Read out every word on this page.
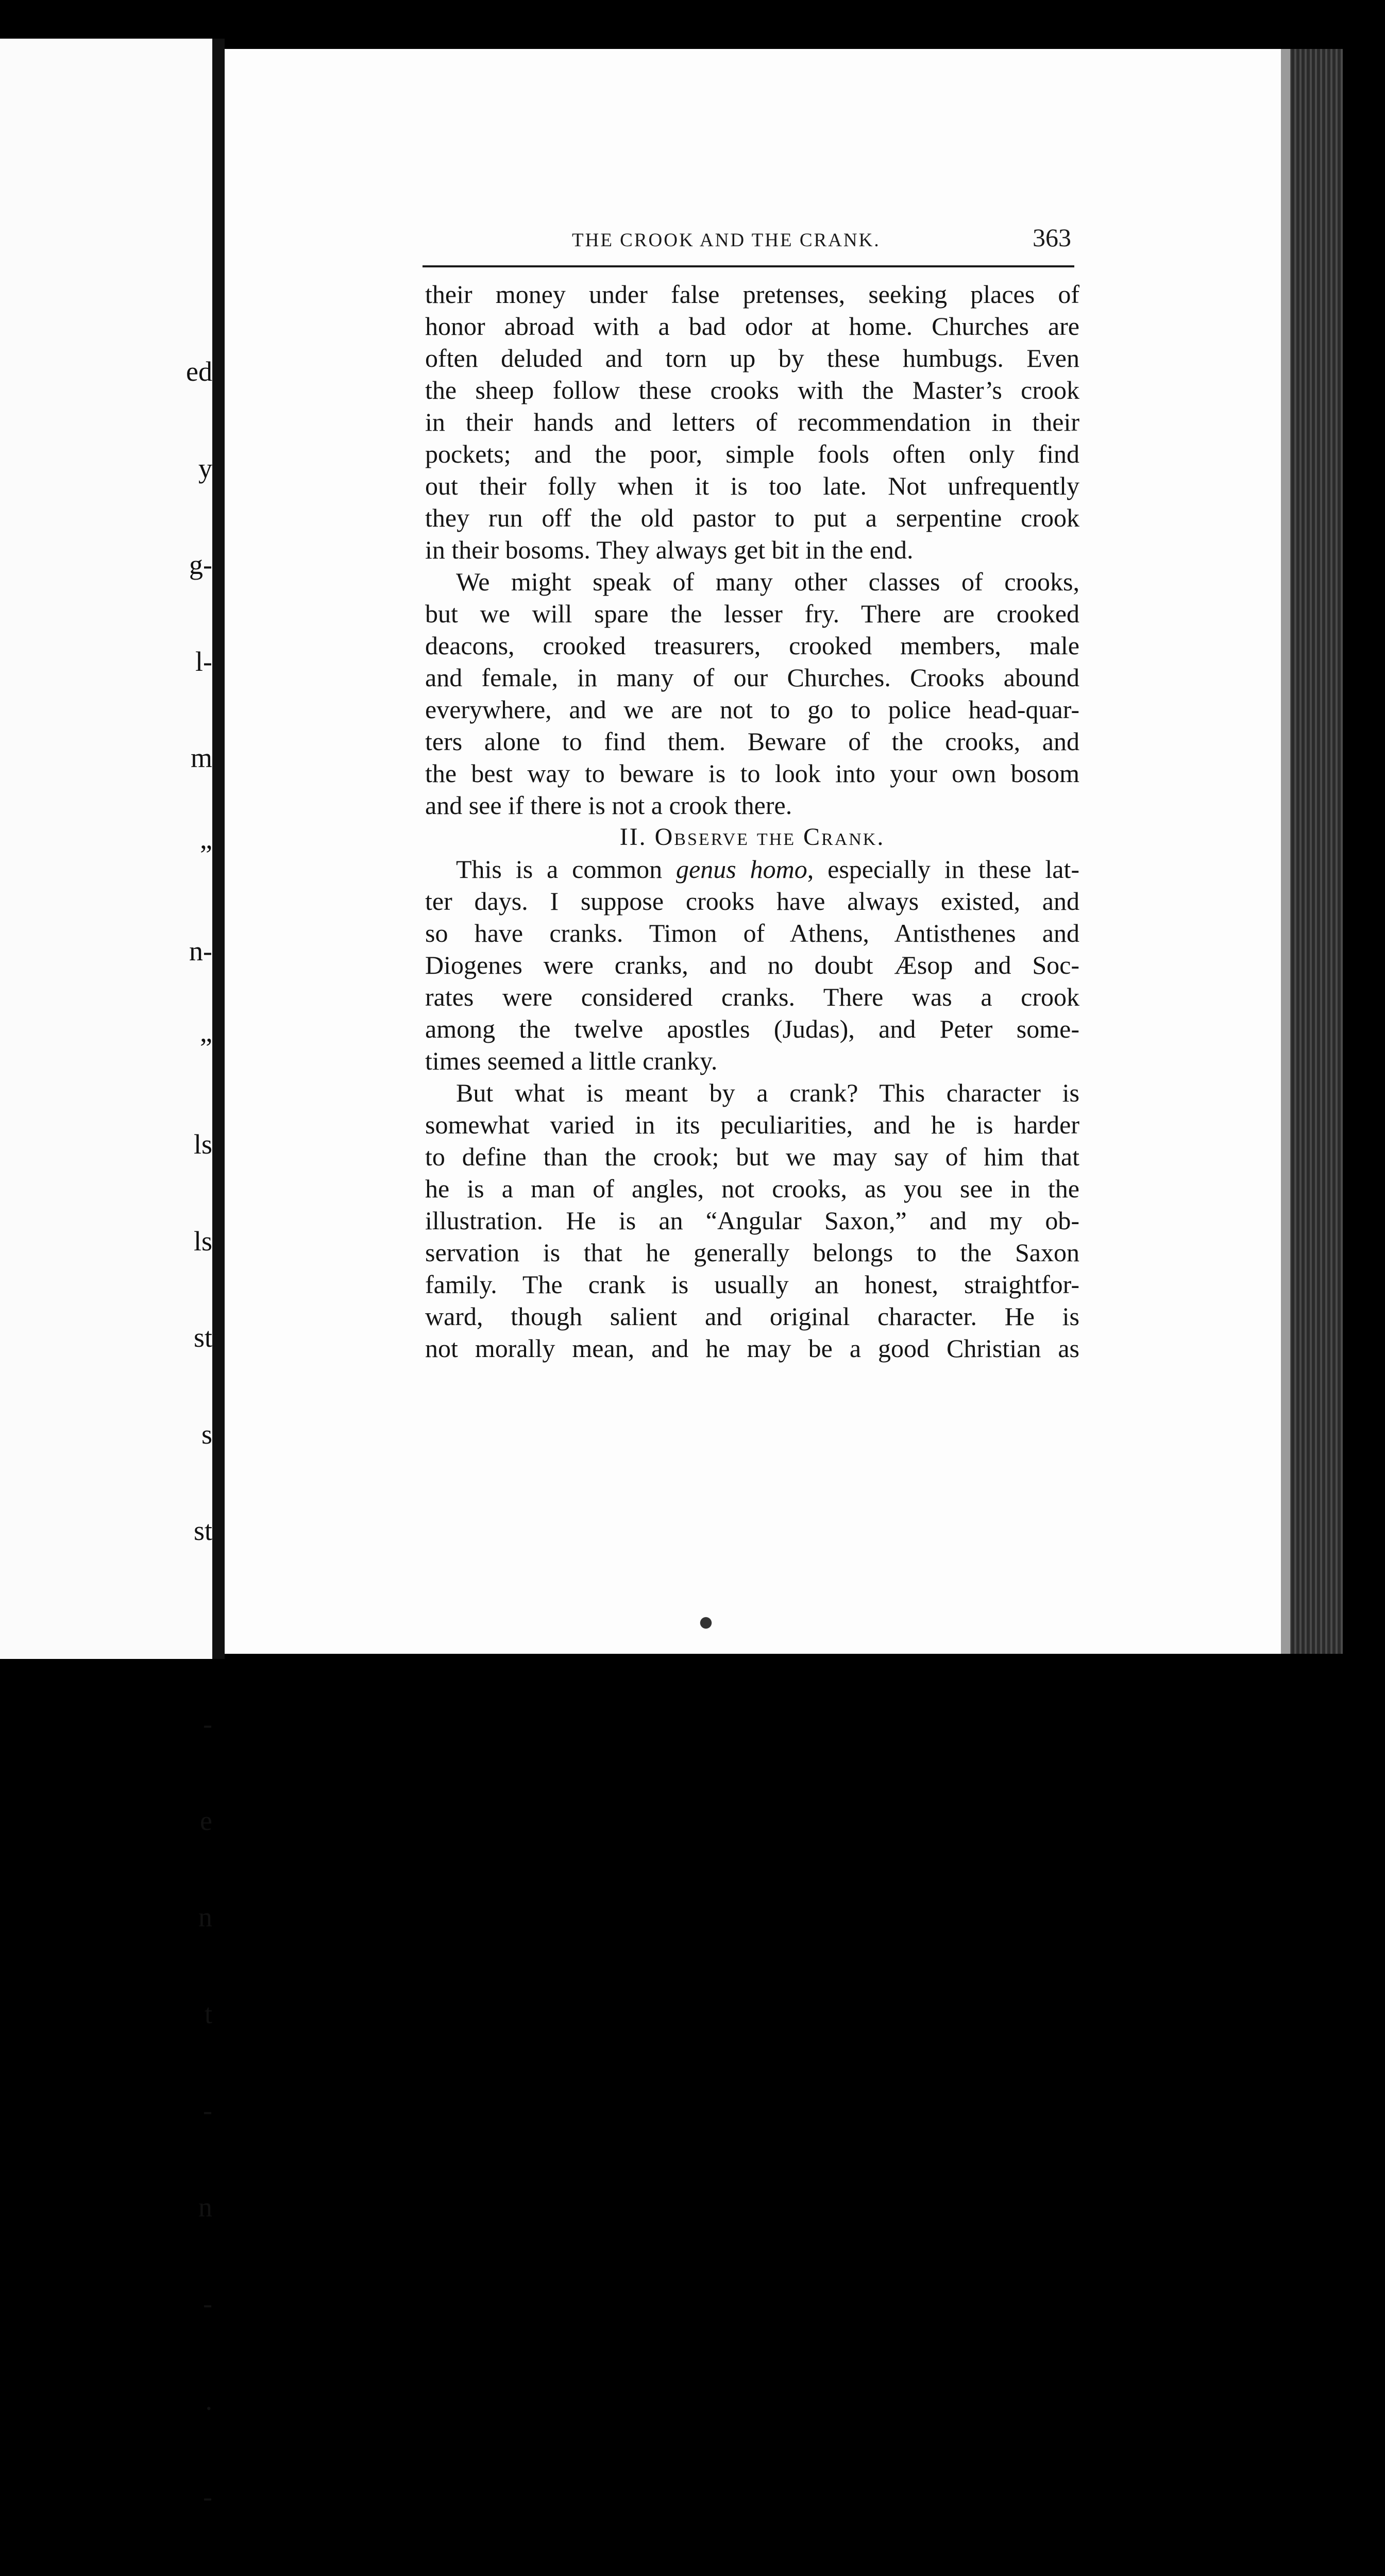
ed

y

g-

l-

m

”

n-

”

ls

ls

st

s

st

-

e

n

t

-

n

-

.

-

THE CROOK AND THE CRANK.	363
their money under false pretenses, seeking places of
honor abroad with a bad odor at home. Churches are
often deluded and torn up by these humbugs. Even
the sheep follow these crooks with the Master’s crook
in their hands and letters of recommendation in their
pockets; and the poor, simple fools often only find
out their folly when it is too late. Not unfrequently
they run off the old pastor to put a serpentine crook
in their bosoms. They always get bit in the end.
We might speak of many other classes of crooks,
but we will spare the lesser fry. There are crooked
deacons, crooked treasurers, crooked members, male
and female, in many of our Churches. Crooks abound
everywhere, and we are not to go to police head-quar-
ters alone to find them. Beware of the crooks, and
the best way to beware is to look into your own bosom
and see if there is not a crook there.
II. Observe the Crank.
This is a common genus homo, especially in these lat-
ter days. I suppose crooks have always existed, and
so have cranks. Timon of Athens, Antisthenes and
Diogenes were cranks, and no doubt Æsop and Soc-
rates were considered cranks. There was a crook
among the twelve apostles (Judas), and Peter some-
times seemed a little cranky.
But what is meant by a crank? This character is
somewhat varied in its peculiarities, and he is harder
to define than the crook; but we may say of him that
he is a man of angles, not crooks, as you see in the
illustration. He is an “Angular Saxon,” and my ob-
servation is that he generally belongs to the Saxon
family. The crank is usually an honest, straightfor-
ward, though salient and original character. He is
not morally mean, and he may be a good Christian as
